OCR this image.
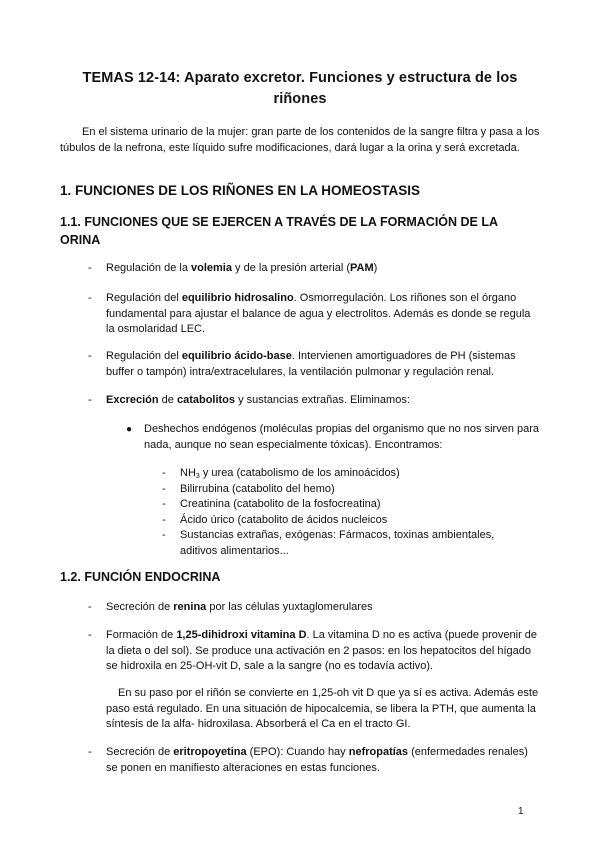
TEMAS 12-14: Aparato excretor. Funciones y estructura de los riñones
En el sistema urinario de la mujer: gran parte de los contenidos de la sangre filtra y pasa a los túbulos de la nefrona, este líquido sufre modificaciones, dará lugar a la orina y será excretada.
1. FUNCIONES DE LOS RIÑONES EN LA HOMEOSTASIS
1.1. FUNCIONES QUE SE EJERCEN A TRAVÉS DE LA FORMACIÓN DE LA ORINA
- Regulación de la volemia y de la presión arterial (PAM)
- Regulación del equilibrio hidrosalino. Osmorregulación. Los riñones son el órgano fundamental para ajustar el balance de agua y electrolitos. Además es donde se regula la osmolaridad LEC.
- Regulación del equilibrio ácido-base. Intervienen amortiguadores de PH (sistemas buffer o tampón) intra/extracelulares, la ventilación pulmonar y regulación renal.
- Excreción de catabolitos y sustancias extrañas. Eliminamos:
● Deshechos endógenos (moléculas propias del organismo que no nos sirven para nada, aunque no sean especialmente tóxicas). Encontramos:
- $NH_3$ y urea (catabolismo de los aminoácidos)
- Bilirrubina (catabolito del hemo)
- Creatinina (catabolito de la fosfocreatina)
- Ácido úrico (catabolito de ácidos nucleicos
- Sustancias extrañas, exógenas: Fármacos, toxinas ambientales, aditivos alimentarios...
1.2. FUNCIÓN ENDOCRINA
- Secreción de renina por las células yuxtaglomerulares
- Formación de 1,25-dihidroxi vitamina D. La vitamina D no es activa (puede provenir de la dieta o del sol). Se produce una activación en 2 pasos: en los hepatocitos del hígado se hidroxila en 25-OH-vit D, sale a la sangre (no es todavía activo).
En su paso por el riñón se convierte en 1,25-oh vit D que ya sí es activa. Además este paso está regulado. En una situación de hipocalcemia, se libera la PTH, que aumenta la síntesis de la alfa- hidroxilasa. Absorberá el Ca en el tracto GI.
- Secreción de eritropoyetina (EPO): Cuando hay nefropatías (enfermedades renales) se ponen en manifiesto alteraciones en estas funciones.
1
